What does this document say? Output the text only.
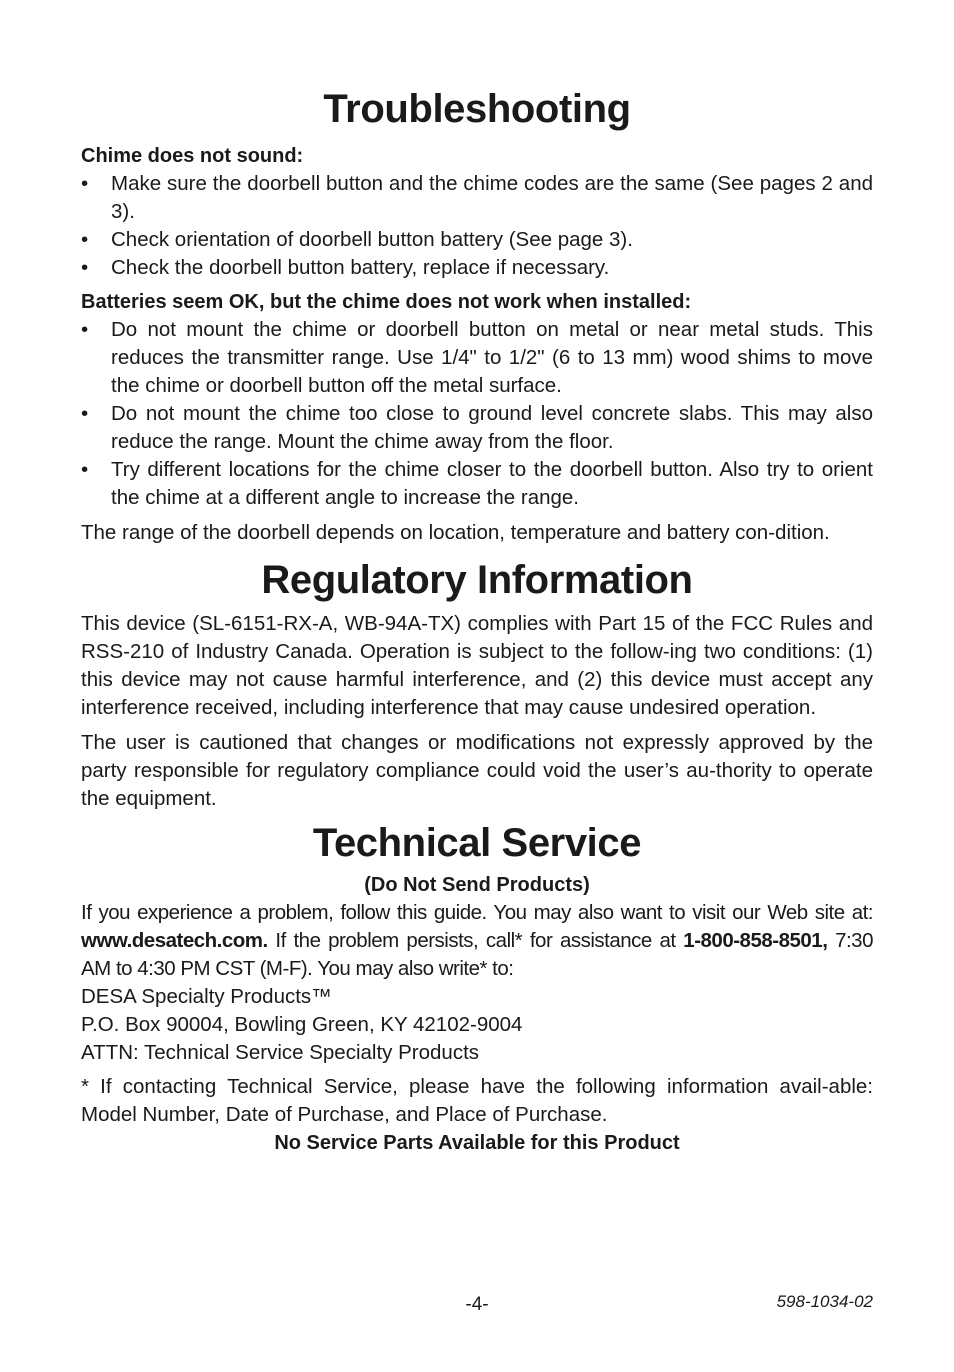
Troubleshooting
Chime does not sound:
• Make sure the doorbell button and the chime codes are the same (See pages 2 and 3).
• Check orientation of doorbell button battery (See page 3).
• Check the doorbell button battery, replace if necessary.
Batteries seem OK, but the chime does not work when installed:
• Do not mount the chime or doorbell button on metal or near metal studs. This reduces the transmitter range. Use 1/4" to 1/2" (6 to 13 mm) wood shims to move the chime or doorbell button off the metal surface.
• Do not mount the chime too close to ground level concrete slabs. This may also reduce the range. Mount the chime away from the floor.
• Try different locations for the chime closer to the doorbell button. Also try to orient the chime at a different angle to increase the range.

The range of the doorbell depends on location, temperature and battery con-dition.

Regulatory Information

This device (SL-6151-RX-A, WB-94A-TX) complies with Part 15 of the FCC Rules and RSS-210 of Industry Canada. Operation is subject to the follow-ing two conditions: (1) this device may not cause harmful interference, and (2) this device must accept any interference received, including interference that may cause undesired operation.

The user is cautioned that changes or modifications not expressly approved by the party responsible for regulatory compliance could void the user’s au-thority to operate the equipment.

Technical Service
(Do Not Send Products)

If you experience a problem, follow this guide. You may also want to visit our Web site at: www.desatech.com. If the problem persists, call* for assistance at 1-800-858-8501, 7:30 AM to 4:30 PM CST (M-F). You may also write* to:

DESA Specialty Products™
P.O. Box 90004, Bowling Green, KY 42102-9004
ATTN: Technical Service Specialty Products

* If contacting Technical Service, please have the following information avail-able: Model Number, Date of Purchase, and Place of Purchase.

No Service Parts Available for this Product
-4-	598-1034-02
